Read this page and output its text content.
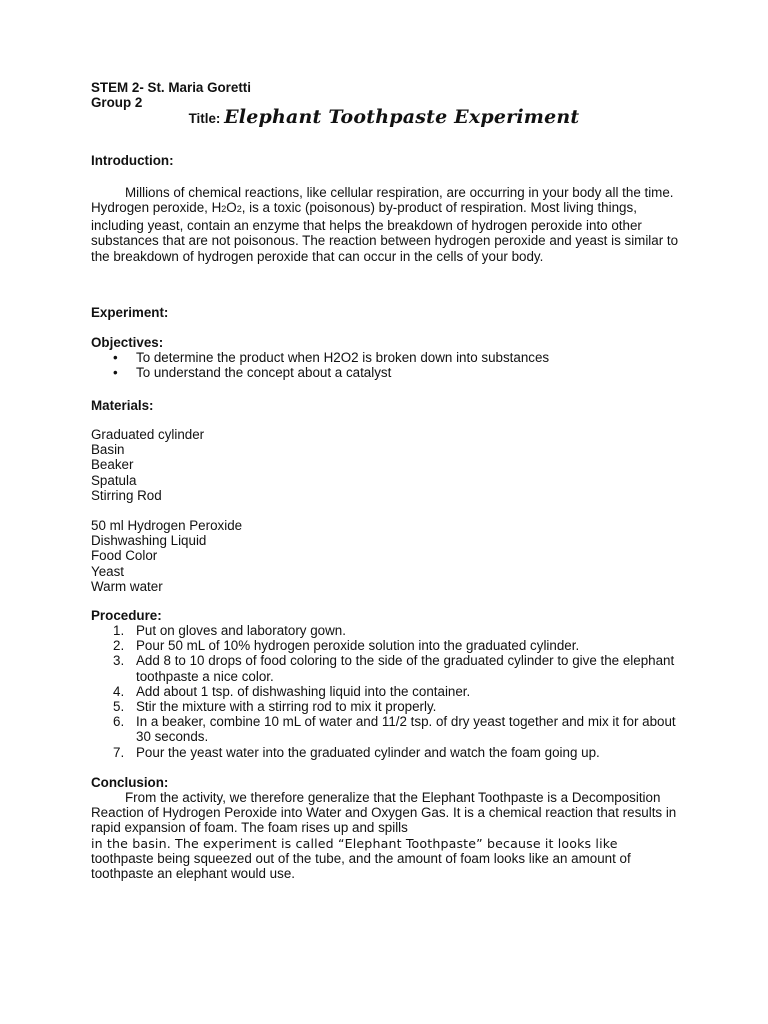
STEM 2- St. Maria Goretti
Group 2
Title: Elephant Toothpaste Experiment
Introduction:

Millions of chemical reactions, like cellular respiration, are occurring in your body all the time. Hydrogen peroxide, H2O2, is a toxic (poisonous) by-product of respiration. Most living things, including yeast, contain an enzyme that helps the breakdown of hydrogen peroxide into other substances that are not poisonous. The reaction between hydrogen peroxide and yeast is similar to the breakdown of hydrogen peroxide that can occur in the cells of your body.

Experiment:
Objectives:
• To determine the product when H2O2 is broken down into substances
• To understand the concept about a catalyst
Materials:
Graduated cylinder
Basin
Beaker
Spatula
Stirring Rod
50 ml Hydrogen Peroxide
Dishwashing Liquid
Food Color
Yeast
Warm water
Procedure:
1. Put on gloves and laboratory gown.
2. Pour 50 mL of 10% hydrogen peroxide solution into the graduated cylinder.
3. Add 8 to 10 drops of food coloring to the side of the graduated cylinder to give the elephant toothpaste a nice color.
4. Add about 1 tsp. of dishwashing liquid into the container.
5. Stir the mixture with a stirring rod to mix it properly.
6. In a beaker, combine 10 mL of water and 11/2 tsp. of dry yeast together and mix it for about 30 seconds.
7. Pour the yeast water into the graduated cylinder and watch the foam going up.
Conclusion:

From the activity, we therefore generalize that the Elephant Toothpaste is a Decomposition Reaction of Hydrogen Peroxide into Water and Oxygen Gas. It is a chemical reaction that results in rapid expansion of foam. The foam rises up and spills

in the basin. The experiment is called “Elephant Toothpaste” because it looks like

toothpaste being squeezed out of the tube, and the amount of foam looks like an amount of toothpaste an elephant would use.
